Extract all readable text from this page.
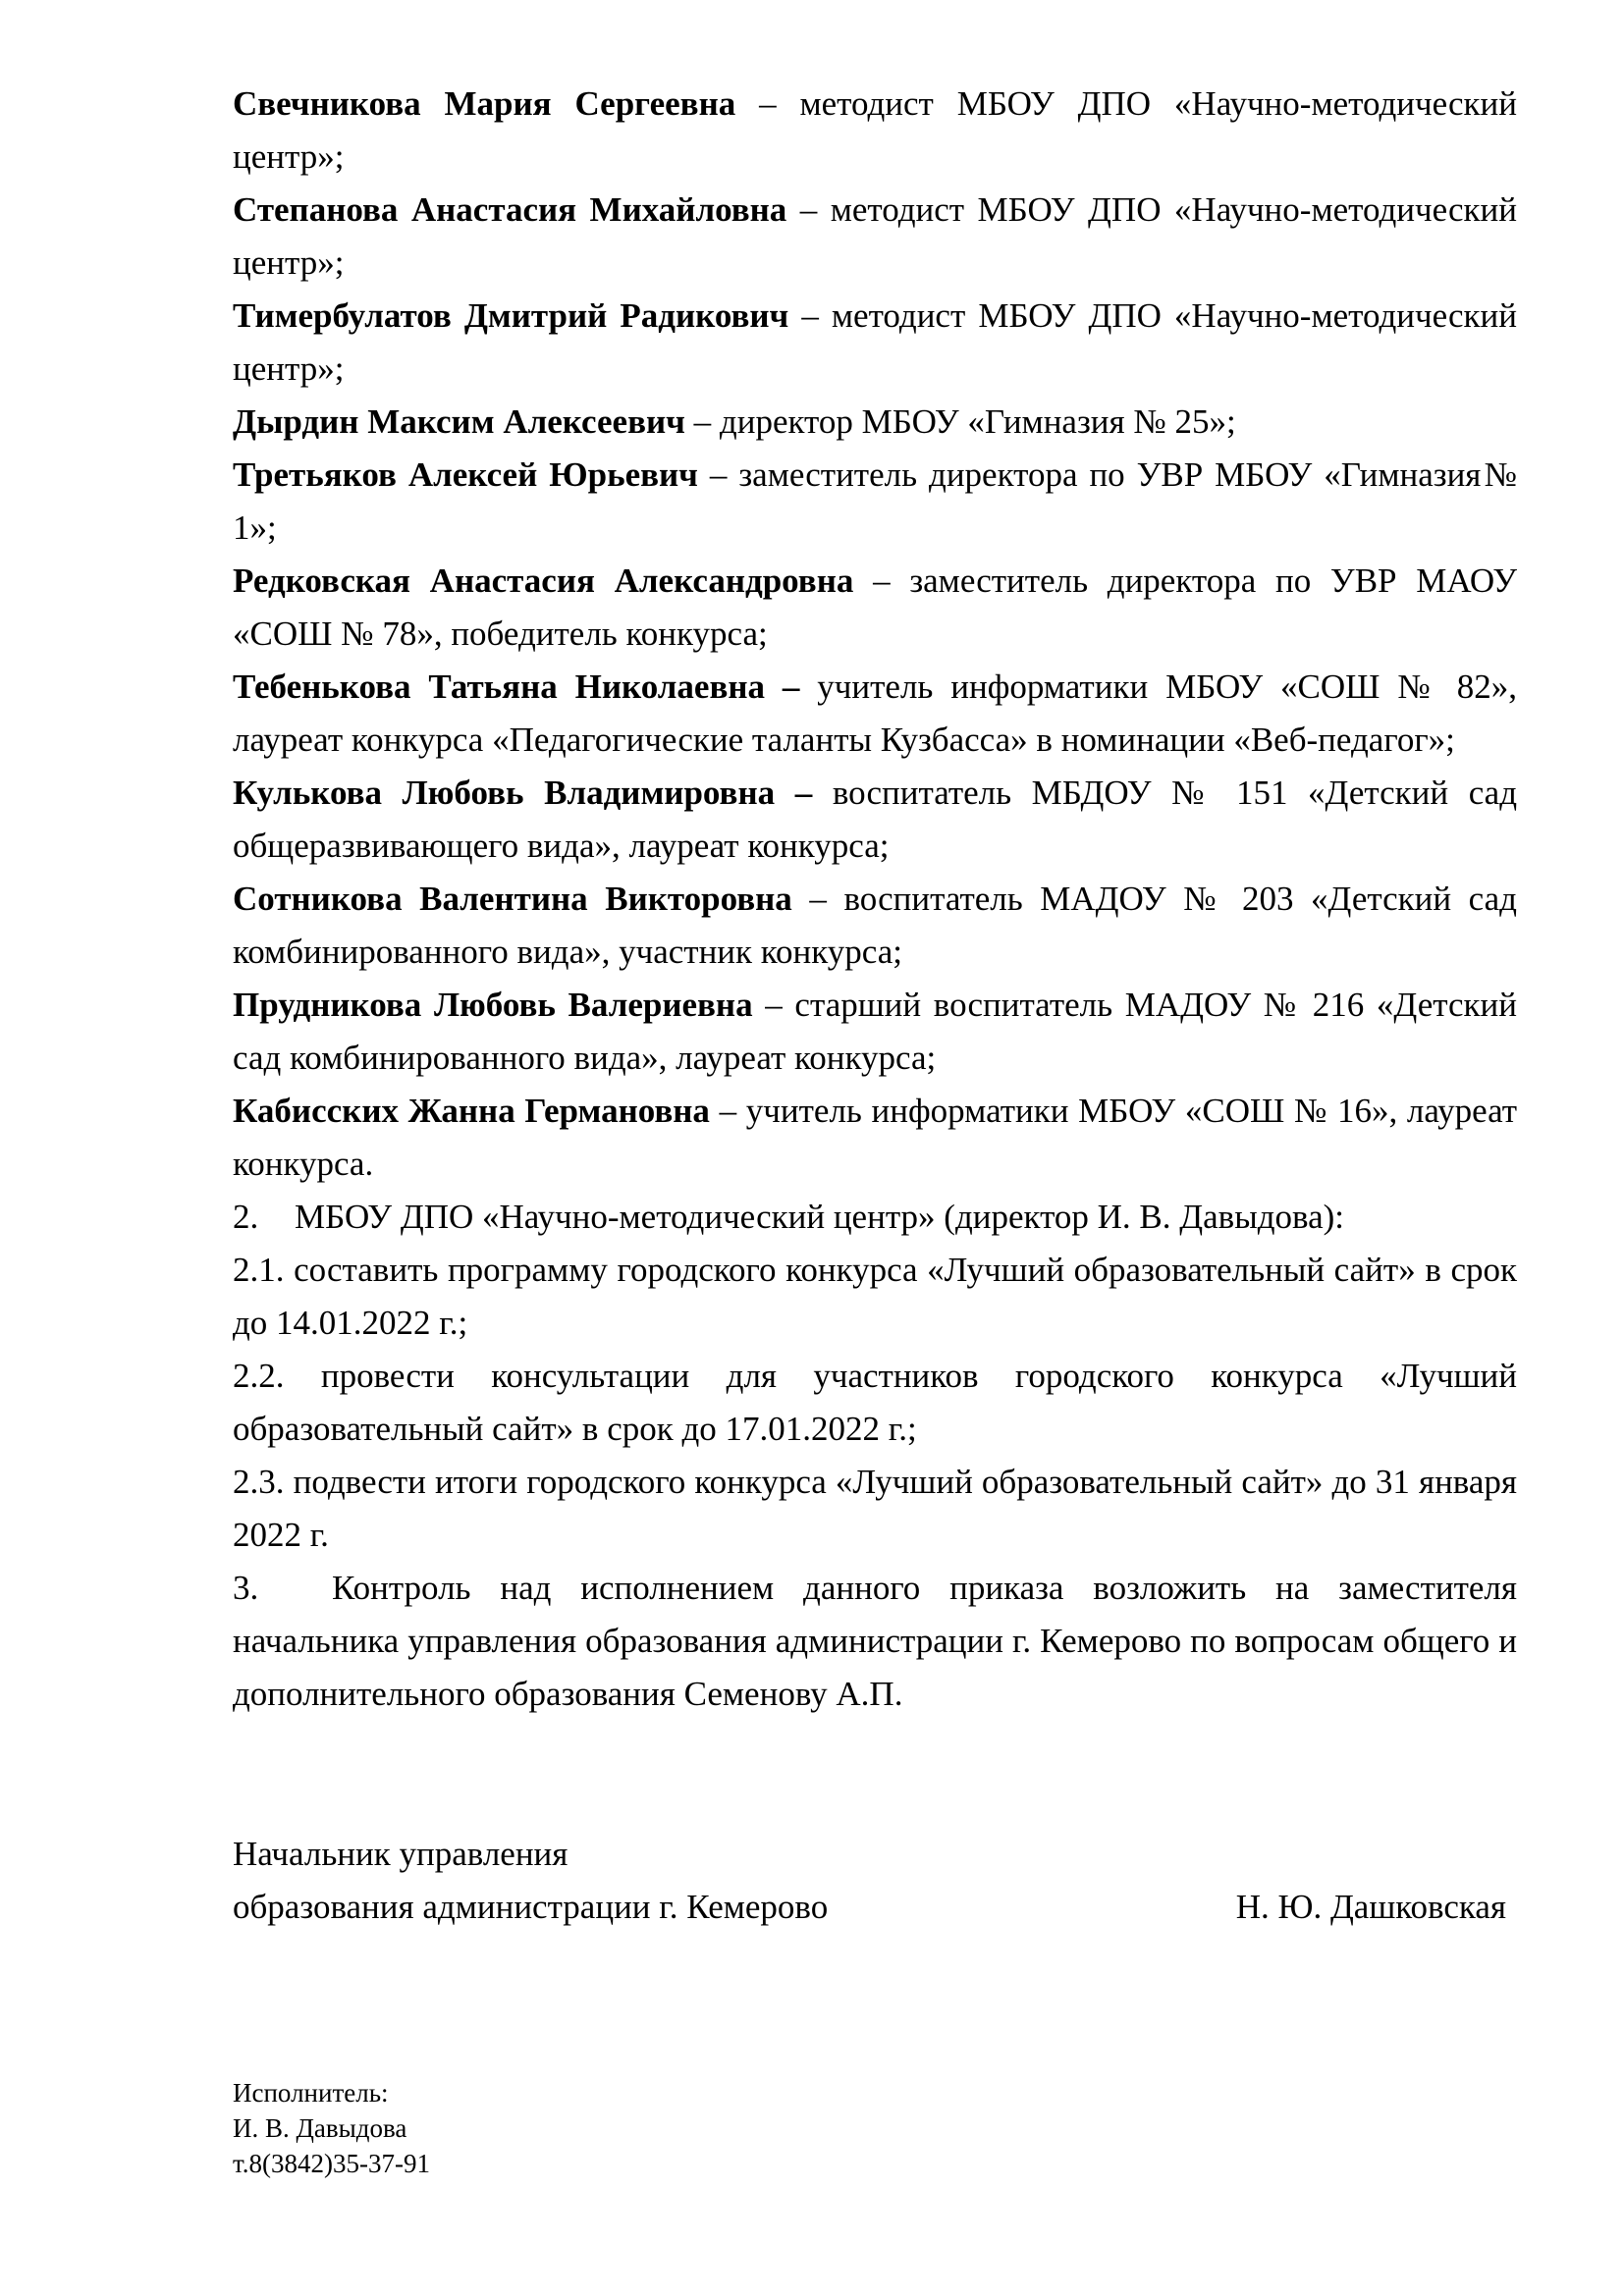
Свечникова Мария Сергеевна – методист МБОУ ДПО «Научно-методический центр»;

Степанова Анастасия Михайловна – методист МБОУ ДПО «Научно-методический центр»;

Тимербулатов Дмитрий Радикович – методист МБОУ ДПО «Научно-методический центр»;

Дырдин Максим Алексеевич – директор МБОУ «Гимназия № 25»;

Третьяков Алексей Юрьевич – заместитель директора по УВР МБОУ «Гимназия№ 1»;

Редковская Анастасия Александровна – заместитель директора по УВР МАОУ «СОШ № 78», победитель конкурса;

Тебенькова Татьяна Николаевна – учитель информатики МБОУ «СОШ № 82», лауреат конкурса «Педагогические таланты Кузбасса» в номинации «Веб-педагог»;

Кулькова Любовь Владимировна – воспитатель МБДОУ № 151 «Детский сад общеразвивающего вида», лауреат конкурса;

Сотникова Валентина Викторовна – воспитатель МАДОУ № 203 «Детский сад комбинированного вида», участник конкурса;

Прудникова Любовь Валериевна – старший воспитатель МАДОУ № 216 «Детский сад комбинированного вида», лауреат конкурса;

Кабисских Жанна Германовна – учитель информатики МБОУ «СОШ № 16», лауреат конкурса.

2. МБОУ ДПО «Научно-методический центр» (директор И. В. Давыдова):

2.1. составить программу городского конкурса «Лучший образовательный сайт» в срок до 14.01.2022 г.;

2.2. провести консультации для участников городского конкурса «Лучший образовательный сайт» в срок до 17.01.2022 г.;

2.3. подвести итоги городского конкурса «Лучший образовательный сайт» до 31 января 2022 г.

3. Контроль над исполнением данного приказа возложить на заместителя начальника управления образования администрации г. Кемерово по вопросам общего и дополнительного образования Семенову А.П.

Начальник управления
образования администрации г. Кемерово	Н. Ю. Дашковская
Исполнитель:
И. В. Давыдова
т.8(3842)35-37-91
